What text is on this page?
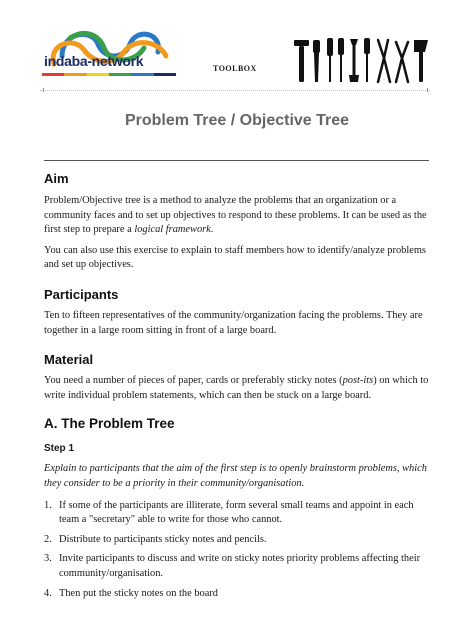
indaba-network	TOOLBOX
Problem Tree / Objective Tree
Aim

Problem/Objective tree is a method to analyze the problems that an organization or a community faces and to set up objectives to respond to these problems. It can be used as the first step to prepare a logical framework.

You can also use this exercise to explain to staff members how to identify/analyze problems and set up objectives.

Participants

Ten to fifteen representatives of the community/organization facing the problems. They are together in a large room sitting in front of a large board.

Material

You need a number of pieces of paper, cards or preferably sticky notes (post-its) on which to write individual problem statements, which can then be stuck on a large board.

A. The Problem Tree
Step 1

Explain to participants that the aim of the first step is to openly brainstorm problems, which they consider to be a priority in their community/organisation.

1. If some of the participants are illiterate, form several small teams and appoint in each team a "secretary" able to write for those who cannot.
2. Distribute to participants sticky notes and pencils.
3. Invite participants to discuss and write on sticky notes priority problems affecting their community/organisation.
4. Then put the sticky notes on the board
